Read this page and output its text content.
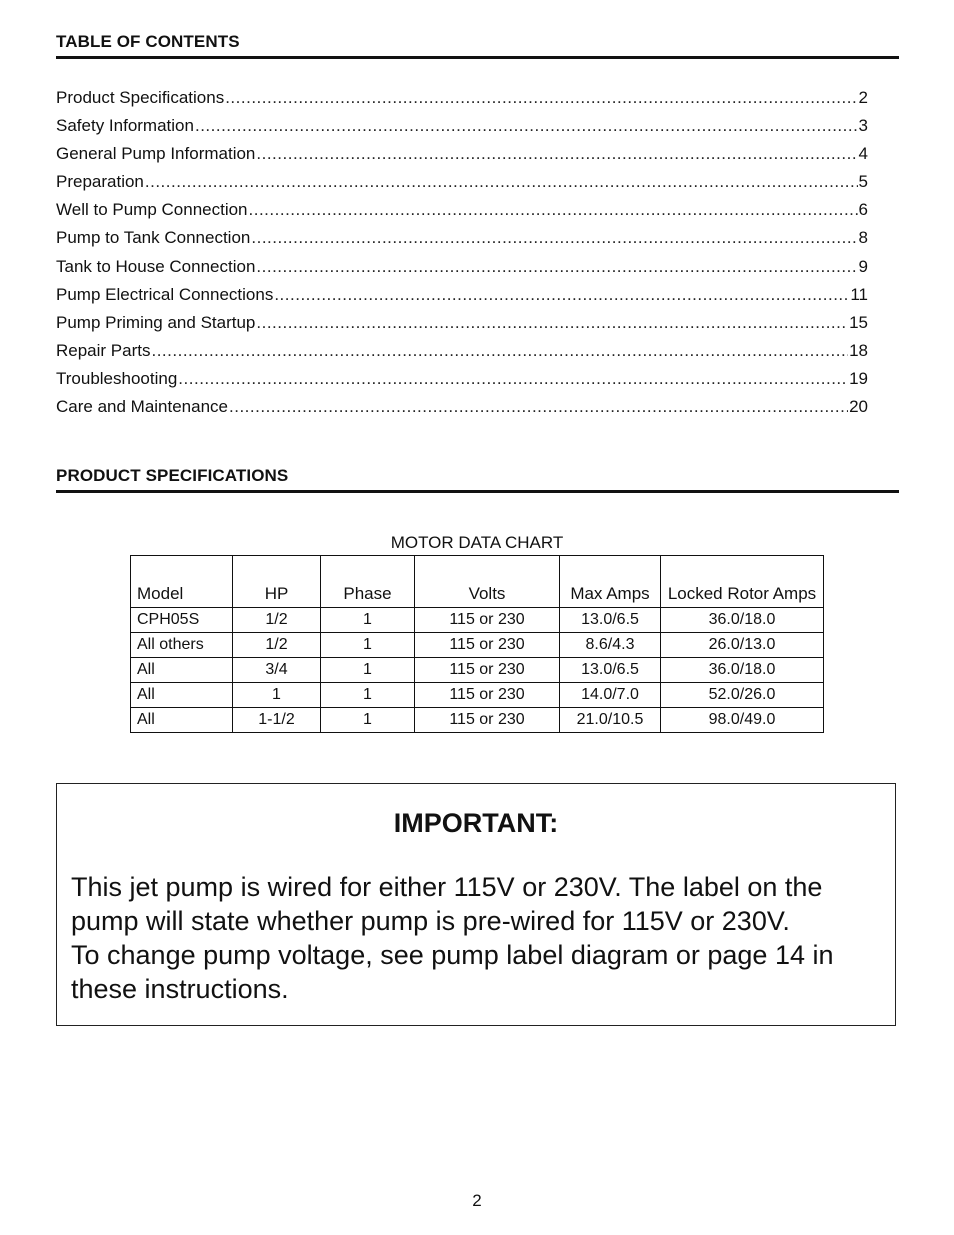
TABLE OF CONTENTS
Product Specifications .....	2
Safety Information .....	3
General Pump Information .....	4
Preparation .....	5
Well to Pump Connection .....	6
Pump to Tank Connection .....	8
Tank to House Connection .....	9
Pump Electrical Connections .....	11
Pump Priming and Startup .....	15
Repair Parts .....	18
Troubleshooting .....	19
Care and Maintenance .....	20
PRODUCT SPECIFICATIONS
MOTOR DATA CHART
Model	HP	Phase	Volts	Max Amps	Locked Rotor Amps
CPH05S	1/2	1	115 or 230	13.0/6.5	36.0/18.0
All others	1/2	1	115 or 230	8.6/4.3	26.0/13.0
All	3/4	1	115 or 230	13.0/6.5	36.0/18.0
All	1	1	115 or 230	14.0/7.0	52.0/26.0
All	1-1/2	1	115 or 230	21.0/10.5	98.0/49.0
IMPORTANT:
This jet pump is wired for either 115V or 230V. The label on the pump will state whether pump is pre-wired for 115V or 230V.
To change pump voltage, see pump label diagram or page 14 in these instructions.
2
